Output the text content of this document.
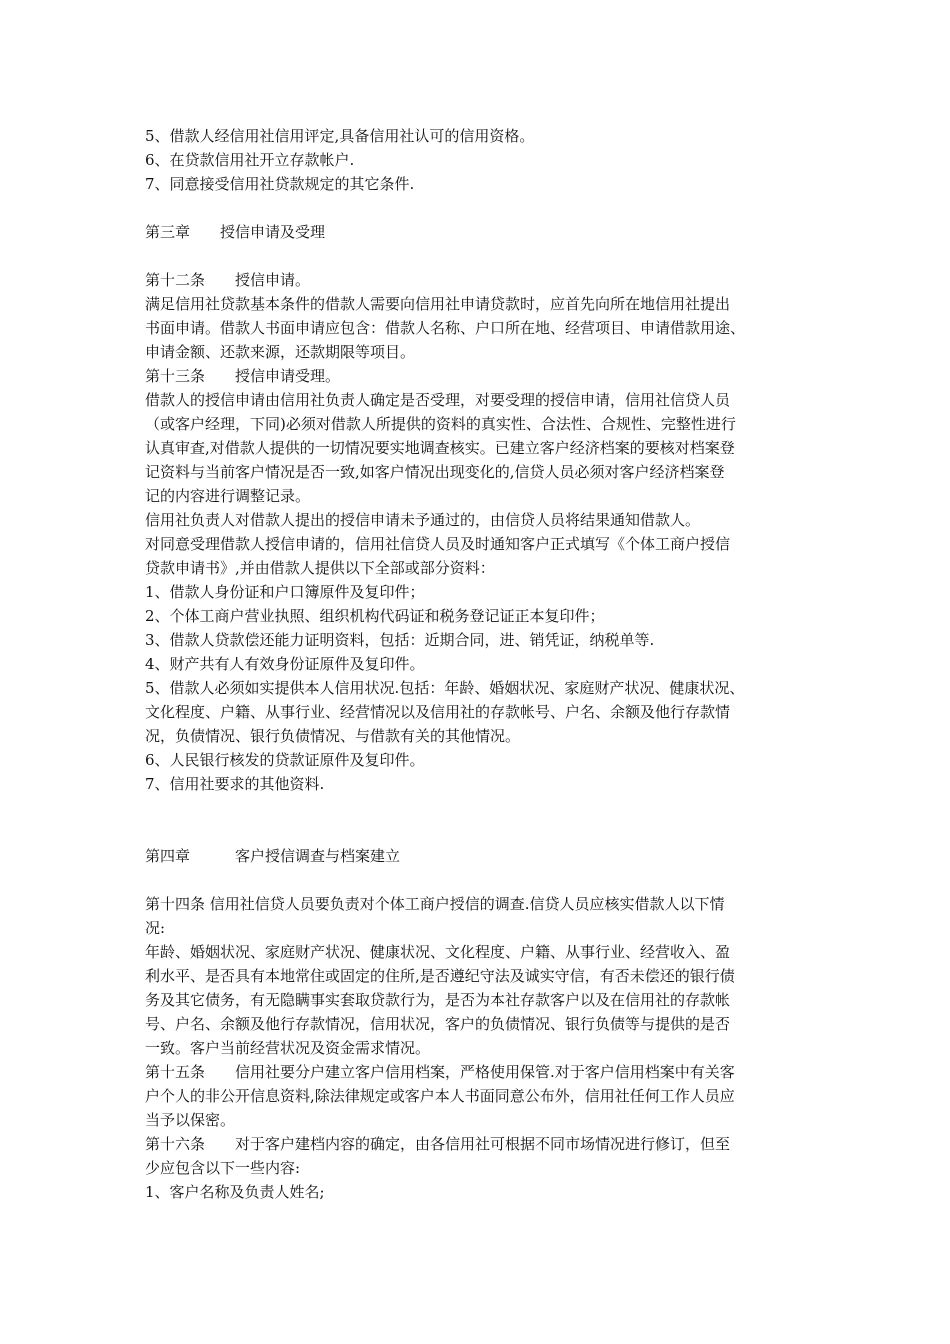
5、借款人经信用社信用评定,具备信用社认可的信用资格。
6、在贷款信用社开立存款帐户.
7、同意接受信用社贷款规定的其它条件.
第三章　　授信申请及受理
第十二条　　授信申请。
满足信用社贷款基本条件的借款人需要向信用社申请贷款时，应首先向所在地信用社提出
书面申请。借款人书面申请应包含：借款人名称、户口所在地、经营项目、申请借款用途、
申请金额、还款来源，还款期限等项目。
第十三条　　授信申请受理。
借款人的授信申请由信用社负责人确定是否受理，对要受理的授信申请，信用社信贷人员
（或客户经理，下同)必须对借款人所提供的资料的真实性、合法性、合规性、完整性进行
认真审查,对借款人提供的一切情况要实地调查核实。已建立客户经济档案的要核对档案登
记资料与当前客户情况是否一致,如客户情况出现变化的,信贷人员必须对客户经济档案登
记的内容进行调整记录。
信用社负责人对借款人提出的授信申请未予通过的，由信贷人员将结果通知借款人。
对同意受理借款人授信申请的，信用社信贷人员及时通知客户正式填写《个体工商户授信
贷款申请书》,并由借款人提供以下全部或部分资料：
1、借款人身份证和户口簿原件及复印件；
2、个体工商户营业执照、组织机构代码证和税务登记证正本复印件；
3、借款人贷款偿还能力证明资料，包括：近期合同，进、销凭证，纳税单等.
4、财产共有人有效身份证原件及复印件。
5、借款人必须如实提供本人信用状况.包括：年龄、婚姻状况、家庭财产状况、健康状况、
文化程度、户籍、从事行业、经营情况以及信用社的存款帐号、户名、余额及他行存款情
况，负债情况、银行负债情况、与借款有关的其他情况。
6、人民银行核发的贷款证原件及复印件。
7、信用社要求的其他资料.
第四章　　　客户授信调查与档案建立
第十四条 信用社信贷人员要负责对个体工商户授信的调查.信贷人员应核实借款人以下情
况:
年龄、婚姻状况、家庭财产状况、健康状况、文化程度、户籍、从事行业、经营收入、盈
利水平、是否具有本地常住或固定的住所,是否遵纪守法及诚实守信，有否未偿还的银行债
务及其它债务，有无隐瞒事实套取贷款行为，是否为本社存款客户以及在信用社的存款帐
号、户名、余额及他行存款情况，信用状况，客户的负债情况、银行负债等与提供的是否
一致。客户当前经营状况及资金需求情况。
第十五条　　信用社要分户建立客户信用档案，严格使用保管.对于客户信用档案中有关客
户个人的非公开信息资料,除法律规定或客户本人书面同意公布外，信用社任何工作人员应
当予以保密。
第十六条　　对于客户建档内容的确定，由各信用社可根据不同市场情况进行修订，但至
少应包含以下一些内容:
1、客户名称及负责人姓名;
